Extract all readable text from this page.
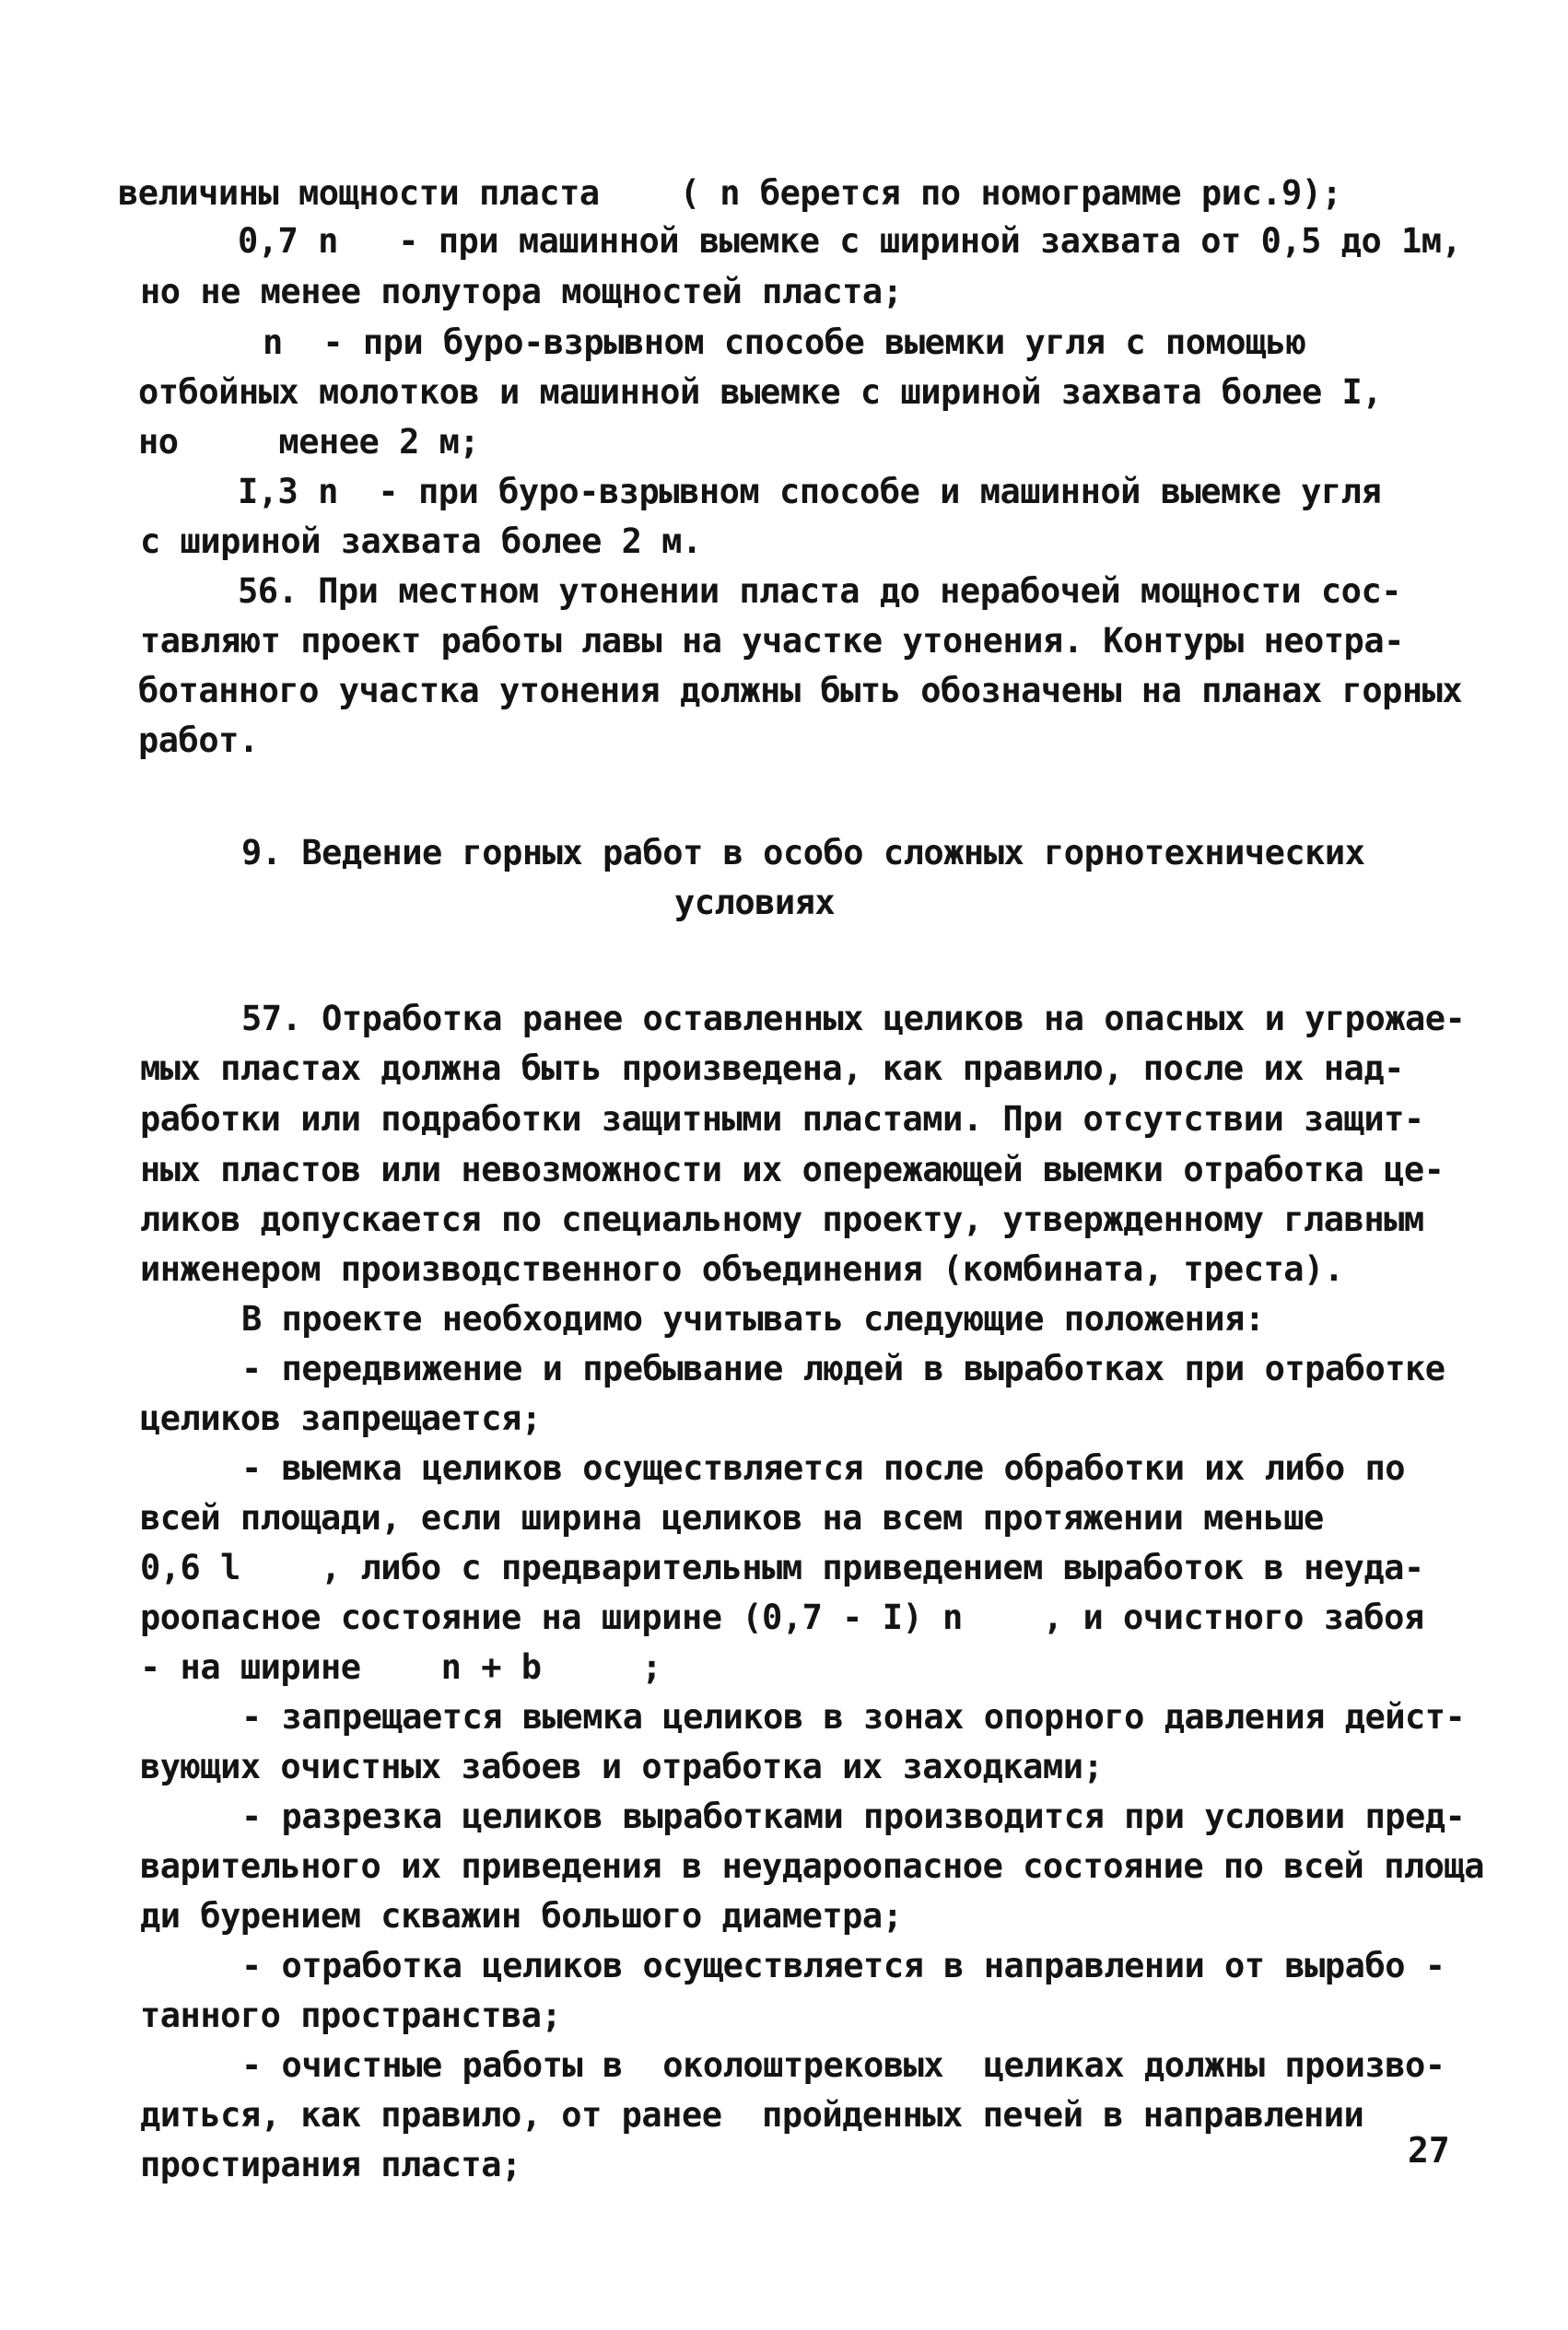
величины мощности пласта    ( n берется по номограмме рис.9);
0,7 n   - при машинной выемке с шириной захвата от 0,5 до 1м,
но не менее полутора мощностей пласта;
n  - при буро-взрывном способе выемки угля с помощью
отбойных молотков и машинной выемке с шириной захвата более I,
но     менее 2 м;
I,3 n  - при буро-взрывном способе и машинной выемке угля
с шириной захвата более 2 м.
56. При местном утонении пласта до нерабочей мощности сос-
тавляют проект работы лавы на участке утонения. Контуры неотра-
ботанного участка утонения должны быть обозначены на планах горных
работ.
9. Ведение горных работ в особо сложных горнотехнических
условиях
57. Отработка ранее оставленных целиков на опасных и угрожае-
мых пластах должна быть произведена, как правило, после их над-
работки или подработки защитными пластами. При отсутствии защит-
ных пластов или невозможности их опережающей выемки отработка це-
ликов допускается по специальному проекту, утвержденному главным
инженером производственного объединения (комбината, треста).
В проекте необходимо учитывать следующие положения:
- передвижение и пребывание людей в выработках при отработке
целиков запрещается;
- выемка целиков осуществляется после обработки их либо по
всей площади, если ширина целиков на всем протяжении меньше
0,6 l    , либо с предварительным приведением выработок в неуда-
роопасное состояние на ширине (0,7 - I) n    , и очистного забоя
- на ширине    n + b     ;
- запрещается выемка целиков в зонах опорного давления дейст-
вующих очистных забоев и отработка их заходками;
- разрезка целиков выработками производится при условии пред-
варительного их приведения в неудароопасное состояние по всей площа
ди бурением скважин большого диаметра;
- отработка целиков осуществляется в направлении от вырабо -
танного пространства;
- очистные работы в  околоштрековых  целиках должны произво-
диться, как правило, от ранее  пройденных печей в направлении
простирания пласта;	27
